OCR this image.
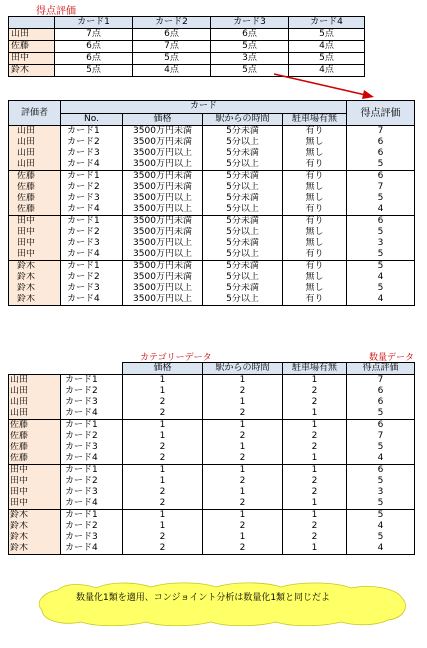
得点評価
	カード1	カード2	カード3	カード4
山田	7点	6点	6点	5点
佐藤	6点	7点	5点	4点
田中	6点	5点	3点	5点
鈴木	5点	4点	5点	4点
評価者	カード				得点評価
	No.	価格	駅からの時間	駐車場有無	
山田	カード1	3500万円未満	5分未満	有り	7
山田	カード2	3500万円未満	5分以上	無し	6
山田	カード3	3500万円以上	5分未満	無し	6
山田	カード4	3500万円以上	5分以上	有り	5
佐藤	カード1	3500万円未満	5分未満	有り	6
佐藤	カード2	3500万円未満	5分以上	無し	7
佐藤	カード3	3500万円以上	5分未満	無し	5
佐藤	カード4	3500万円以上	5分以上	有り	4
田中	カード1	3500万円未満	5分未満	有り	6
田中	カード2	3500万円未満	5分以上	無し	5
田中	カード3	3500万円以上	5分未満	無し	3
田中	カード4	3500万円以上	5分以上	有り	5
鈴木	カード1	3500万円未満	5分未満	有り	5
鈴木	カード2	3500万円未満	5分以上	無し	4
鈴木	カード3	3500万円以上	5分未満	無し	5
鈴木	カード4	3500万円以上	5分以上	有り	4
カテゴリーデータ	数量データ
		価格	駅からの時間	駐車場有無	得点評価
山田	カード1	1	1	1	7
山田	カード2	1	2	2	6
山田	カード3	2	1	2	6
山田	カード4	2	2	1	5
佐藤	カード1	1	1	1	6
佐藤	カード2	1	2	2	7
佐藤	カード3	2	1	2	5
佐藤	カード4	2	2	1	4
田中	カード1	1	1	1	6
田中	カード2	1	2	2	5
田中	カード3	2	1	2	3
田中	カード4	2	2	1	5
鈴木	カード1	1	1	1	5
鈴木	カード2	1	2	2	4
鈴木	カード3	2	1	2	5
鈴木	カード4	2	2	1	4
数量化1類を適用、コンジョイント分析は数量化1類と同じだよ
